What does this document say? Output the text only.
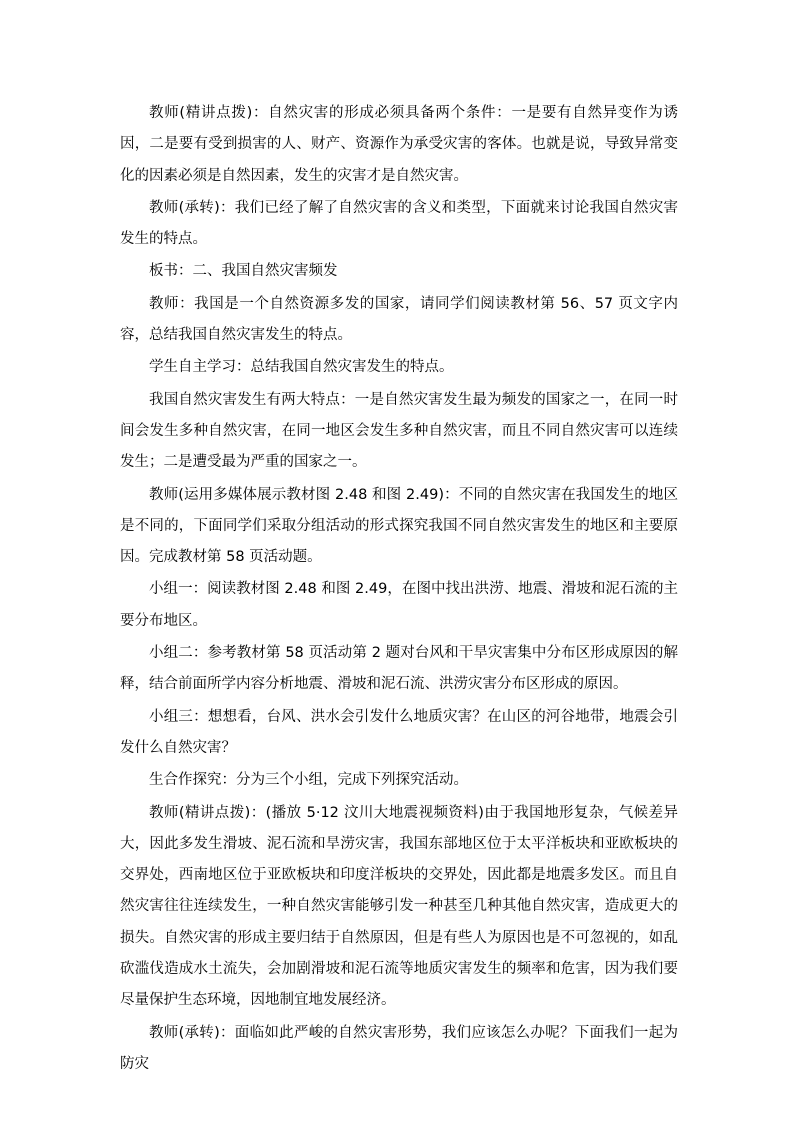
教师(精讲点拨)：自然灾害的形成必须具备两个条件：一是要有自然异变作为诱因，二是要有受到损害的人、财产、资源作为承受灾害的客体。也就是说，导致异常变化的因素必须是自然因素，发生的灾害才是自然灾害。

教师(承转)：我们已经了解了自然灾害的含义和类型，下面就来讨论我国自然灾害发生的特点。

板书：二、我国自然灾害频发

教师：我国是一个自然资源多发的国家，请同学们阅读教材第 56、57 页文字内容，总结我国自然灾害发生的特点。

学生自主学习：总结我国自然灾害发生的特点。

我国自然灾害发生有两大特点：一是自然灾害发生最为频发的国家之一，在同一时间会发生多种自然灾害，在同一地区会发生多种自然灾害，而且不同自然灾害可以连续发生；二是遭受最为严重的国家之一。

教师(运用多媒体展示教材图 2.48 和图 2.49)：不同的自然灾害在我国发生的地区是不同的，下面同学们采取分组活动的形式探究我国不同自然灾害发生的地区和主要原因。完成教材第 58 页活动题。

小组一：阅读教材图 2.48 和图 2.49，在图中找出洪涝、地震、滑坡和泥石流的主要分布地区。

小组二：参考教材第 58 页活动第 2 题对台风和干旱灾害集中分布区形成原因的解释，结合前面所学内容分析地震、滑坡和泥石流、洪涝灾害分布区形成的原因。

小组三：想想看，台风、洪水会引发什么地质灾害？在山区的河谷地带，地震会引发什么自然灾害？

生合作探究：分为三个小组，完成下列探究活动。

教师(精讲点拨)：(播放 5·12 汶川大地震视频资料)由于我国地形复杂，气候差异大，因此多发生滑坡、泥石流和旱涝灾害，我国东部地区位于太平洋板块和亚欧板块的交界处，西南地区位于亚欧板块和印度洋板块的交界处，因此都是地震多发区。而且自然灾害往往连续发生，一种自然灾害能够引发一种甚至几种其他自然灾害，造成更大的损失。自然灾害的形成主要归结于自然原因，但是有些人为原因也是不可忽视的，如乱砍滥伐造成水土流失，会加剧滑坡和泥石流等地质灾害发生的频率和危害，因为我们要尽量保护生态环境，因地制宜地发展经济。

教师(承转)：面临如此严峻的自然灾害形势，我们应该怎么办呢？下面我们一起为防灾
